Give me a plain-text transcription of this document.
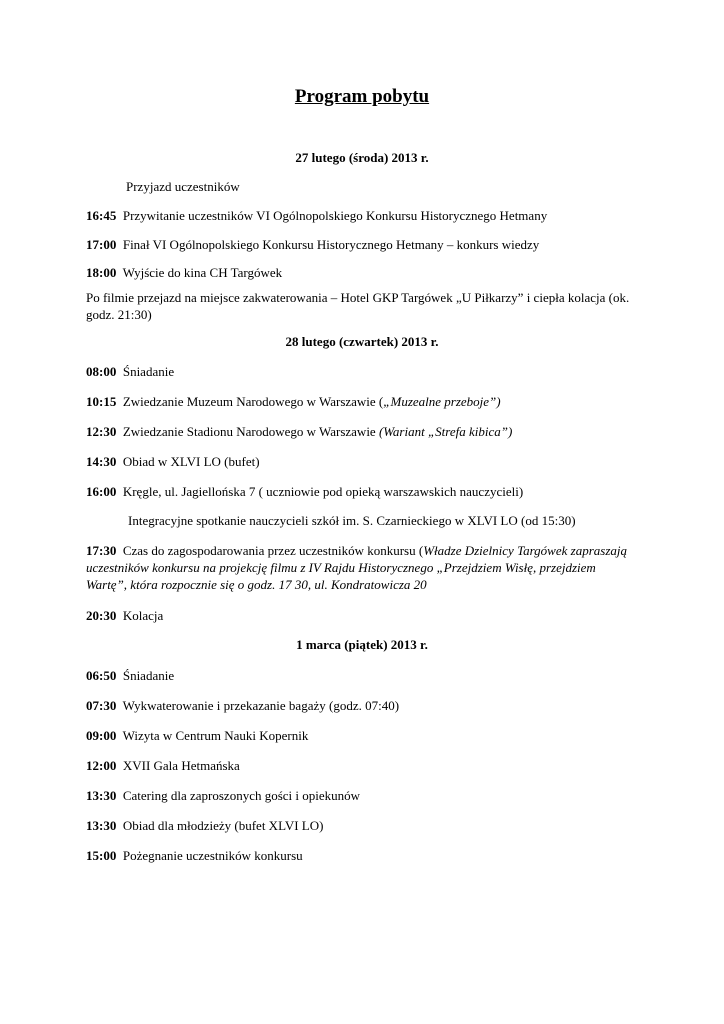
Program pobytu
27 lutego (środa) 2013 r.
Przyjazd uczestników
16:45 Przywitanie uczestników VI Ogólnopolskiego Konkursu Historycznego Hetmany
17:00 Finał VI Ogólnopolskiego Konkursu Historycznego Hetmany – konkurs wiedzy
18:00 Wyjście do kina CH Targówek
Po filmie przejazd na miejsce zakwaterowania – Hotel GKP Targówek „U Piłkarzy” i ciepła kolacja (ok. godz. 21:30)
28 lutego (czwartek) 2013 r.
08:00 Śniadanie
10:15 Zwiedzanie Muzeum Narodowego w Warszawie („Muzealne przeboje”)
12:30 Zwiedzanie Stadionu Narodowego w Warszawie (Wariant „Strefa kibica”)
14:30 Obiad w XLVI LO (bufet)
16:00 Kręgle, ul. Jagiellońska 7 ( uczniowie pod opieką warszawskich nauczycieli)
Integracyjne spotkanie nauczycieli szkół im. S. Czarnieckiego w XLVI LO (od 15:30)
17:30 Czas do zagospodarowania przez uczestników konkursu (Władze Dzielnicy Targówek zapraszają uczestników konkursu na projekcję filmu z IV Rajdu Historycznego „Przejdziem Wisłę, przejdziem Wartę”, która rozpocznie się o godz. 17 30, ul. Kondratowicza 20
20:30 Kolacja
1 marca (piątek) 2013 r.
06:50 Śniadanie
07:30 Wykwaterowanie i przekazanie bagaży (godz. 07:40)
09:00 Wizyta w Centrum Nauki Kopernik
12:00 XVII Gala Hetmańska
13:30 Catering dla zaproszonych gości i opiekunów
13:30 Obiad dla młodzieży (bufet XLVI LO)
15:00 Pożegnanie uczestników konkursu
